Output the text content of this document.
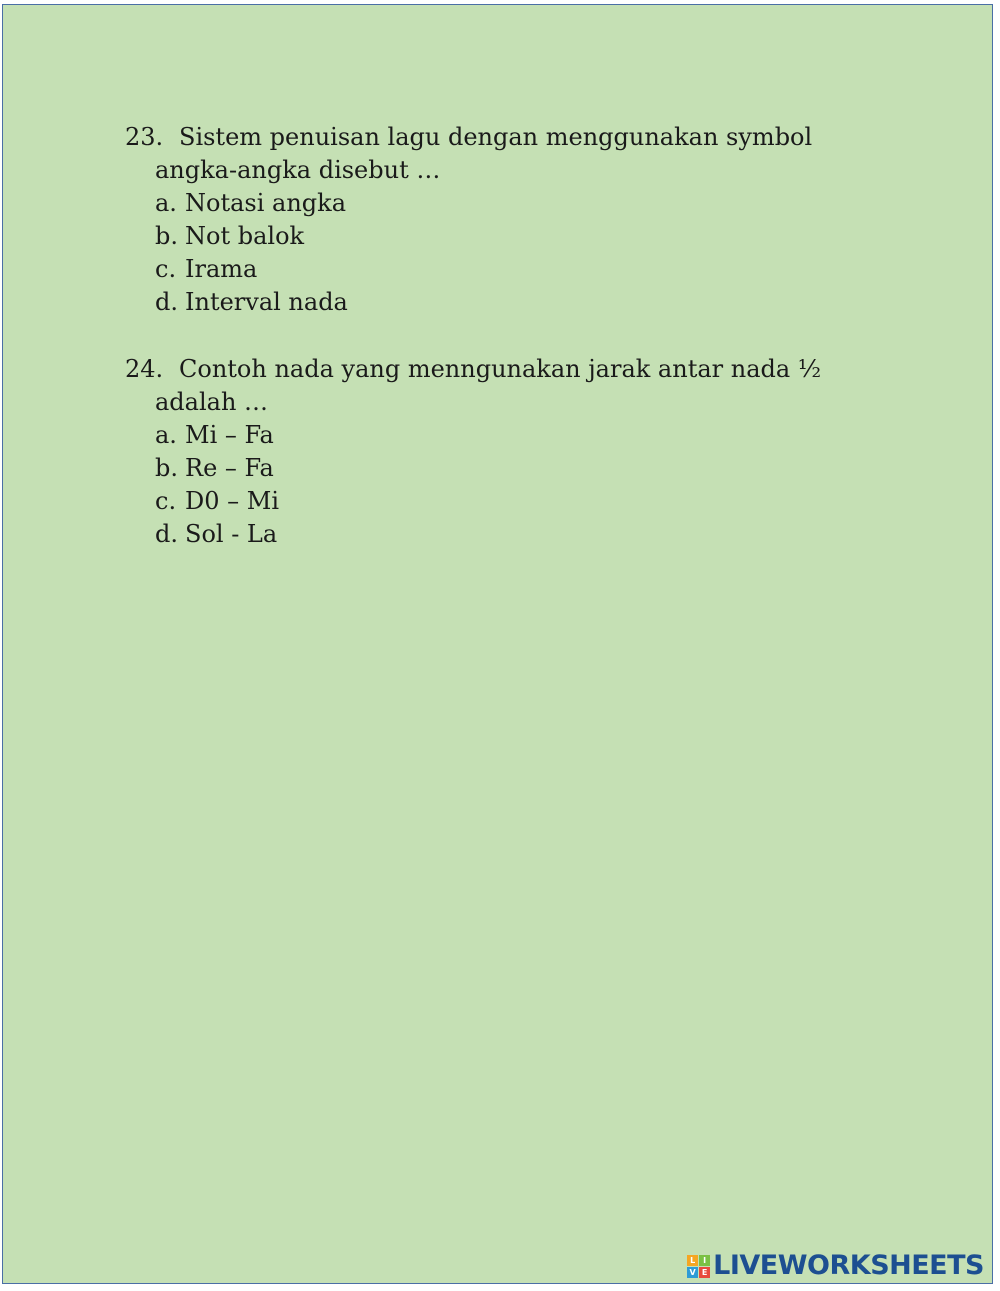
23. Sistem penuisan lagu dengan menggunakan symbol
angka-angka disebut …
a. Notasi angka
b. Not balok
c. Irama
d. Interval nada
24. Contoh nada yang menngunakan jarak antar nada ½
adalah …
a. Mi – Fa
b. Re – Fa
c. D0 – Mi
d. Sol - La
L I
V E LIVEWORKSHEETS
